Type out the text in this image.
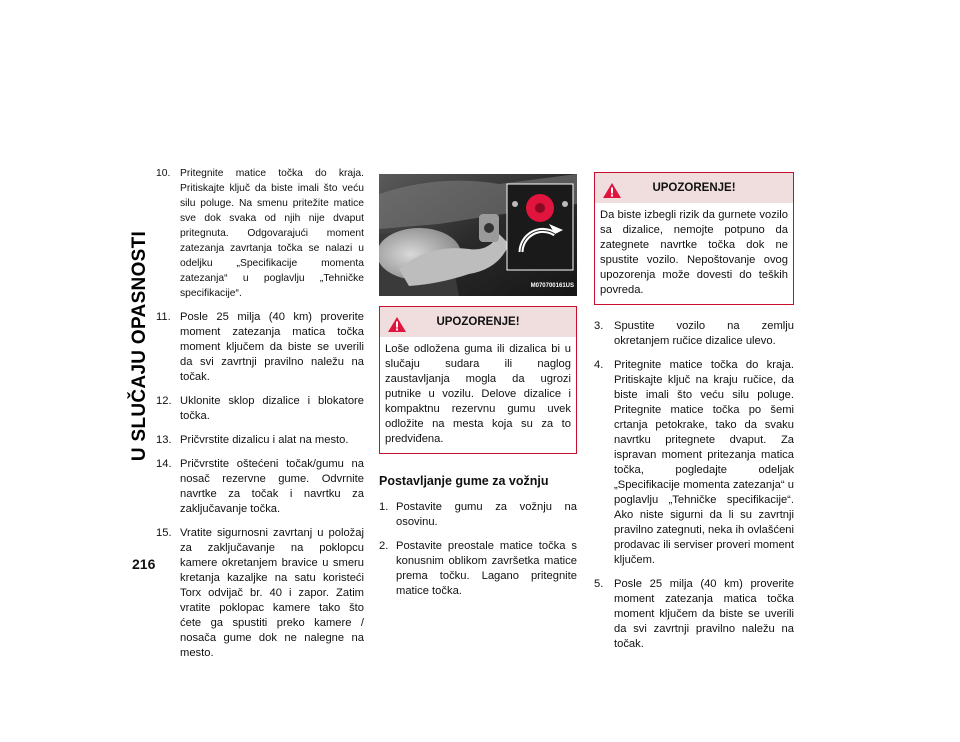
U SLUČAJU OPASNOSTI
216
10. Pritegnite matice točka do kraja. Pritiskajte ključ da biste imali što veću silu poluge. Na smenu pritežite matice sve dok svaka od njih nije dvaput pritegnuta. Odgovarajući moment zatezanja zavrtanja točka se nalazi u odeljku „Specifikacije momenta zatezanja“ u poglavlju „Tehničke specifikacije“.
11. Posle 25 milja (40 km) proverite moment zatezanja matica točka moment ključem da biste se uverili da svi zavrtnji pravilno naležu na točak.
12. Uklonite sklop dizalice i blokatore točka.
13. Pričvrstite dizalicu i alat na mesto.
14. Pričvrstite oštećeni točak/gumu na nosač rezervne gume. Odvrnite navrtke za točak i navrtku za zaključavanje točka.
15. Vratite sigurnosni zavrtanj u položaj za zaključavanje na poklopcu kamere okretanjem bravice u smeru kretanja kazaljke na satu koristeći Torx odvijač br. 40 i zapor. Zatim vratite poklopac kamere tako što ćete ga spustiti preko kamere / nosača gume dok ne nalegne na mesto.
M070700161US
UPOZORENJE!
Loše odložena guma ili dizalica bi u slučaju sudara ili naglog zaustavljanja mogla da ugrozi putnike u vozilu. Delove dizalice i kompaktnu rezervnu gumu uvek odložite na mesta koja su za to predviđena.
Postavljanje gume za vožnju
1. Postavite gumu za vožnju na osovinu.
2. Postavite preostale matice točka s konusnim oblikom završetka matice prema točku. Lagano pritegnite matice točka.
UPOZORENJE!
Da biste izbegli rizik da gurnete vozilo sa dizalice, nemojte potpuno da zategnete navrtke točka dok ne spustite vozilo. Nepoštovanje ovog upozorenja može dovesti do teških povreda.
3. Spustite vozilo na zemlju okretanjem ručice dizalice ulevo.
4. Pritegnite matice točka do kraja. Pritiskajte ključ na kraju ručice, da biste imali što veću silu poluge. Pritegnite matice točka po šemi crtanja petokrake, tako da svaku navrtku pritegnete dvaput. Za ispravan moment pritezanja matica točka, pogledajte odeljak „Specifikacije momenta zatezanja“ u poglavlju „Tehničke specifikacije“. Ako niste sigurni da li su zavrtnji pravilno zategnuti, neka ih ovlašćeni prodavac ili serviser proveri moment ključem.
5. Posle 25 milja (40 km) proverite moment zatezanja matica točka moment ključem da biste se uverili da svi zavrtnji pravilno naležu na točak.
